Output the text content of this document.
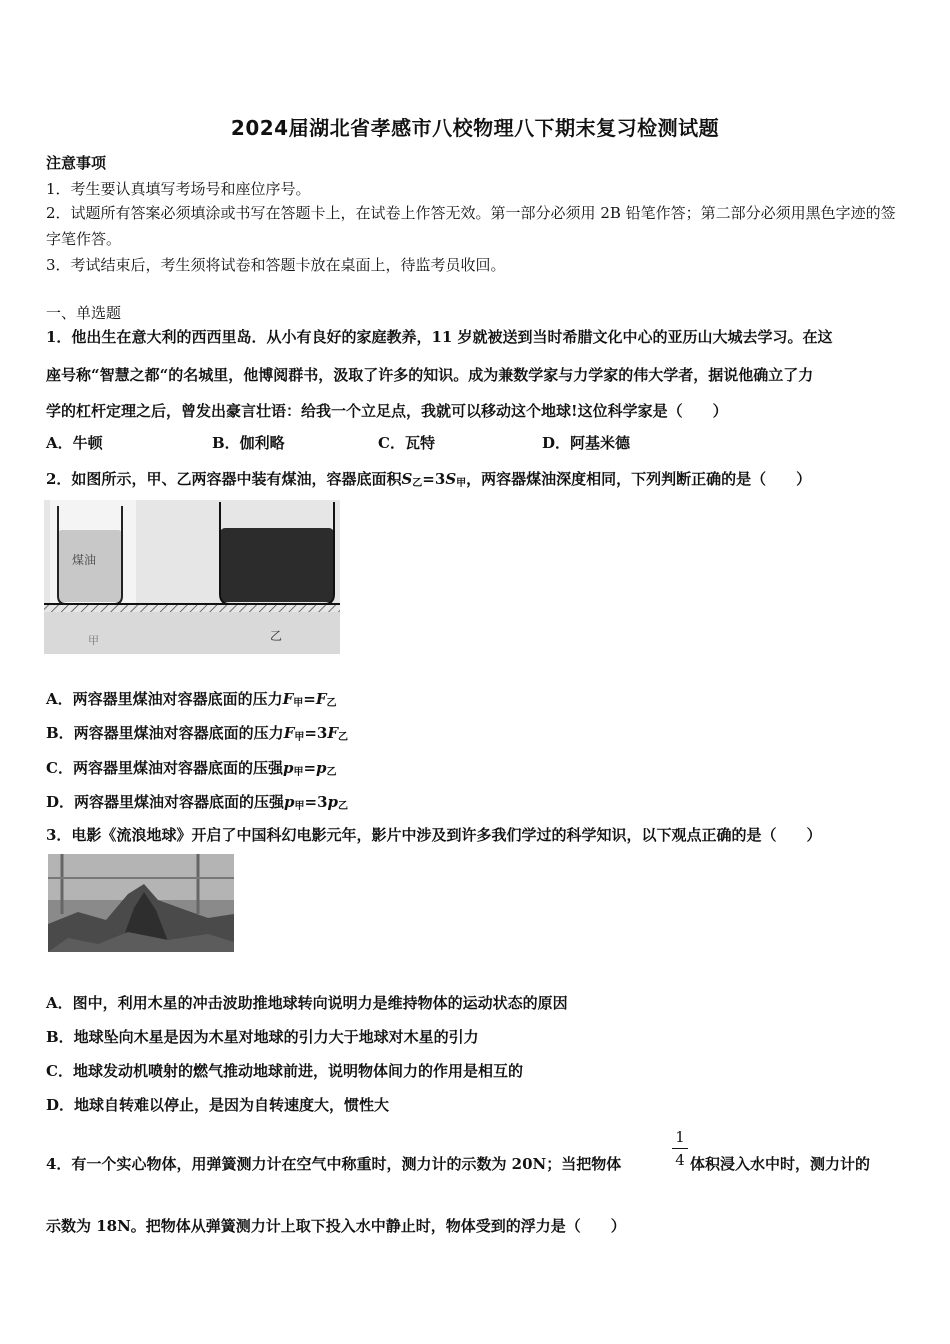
2024届湖北省孝感市八校物理八下期末复习检测试题
注意事项
1．考生要认真填写考场号和座位序号。
2．试题所有答案必须填涂或书写在答题卡上，在试卷上作答无效。第一部分必须用 2B 铅笔作答；第二部分必须用黑色字迹的签字笔作答。
3．考试结束后，考生须将试卷和答题卡放在桌面上，待监考员收回。
一、单选题
1．他出生在意大利的西西里岛．从小有良好的家庭教养，11 岁就被送到当时希腊文化中心的亚历山大城去学习。在这
座号称“智慧之都“的名城里，他博阅群书，汲取了许多的知识。成为兼数学家与力学家的伟大学者，据说他确立了力
学的杠杆定理之后，曾发出豪言壮语：给我一个立足点，我就可以移动这个地球!这位科学家是（　　）
A．牛顿	B．伽利略	C．瓦特	D．阿基米德
2．如图所示，甲、乙两容器中装有煤油，容器底面积$S_乙=3S_甲$，两容器煤油深度相同，下列判断正确的是（　　）
煤油
甲	乙
A．两容器里煤油对容器底面的压力$F_甲=F_乙$
B．两容器里煤油对容器底面的压力$F_甲=3F_乙$
C．两容器里煤油对容器底面的压强$p_甲=p_乙$
D．两容器里煤油对容器底面的压强$p_甲=3p_乙$
3．电影《流浪地球》开启了中国科幻电影元年，影片中涉及到许多我们学过的科学知识，以下观点正确的是（　　）
A．图中，利用木星的冲击波助推地球转向说明力是维持物体的运动状态的原因
B．地球坠向木星是因为木星对地球的引力大于地球对木星的引力
C．地球发动机喷射的燃气推动地球前进，说明物体间力的作用是相互的
D．地球自转难以停止，是因为自转速度大，惯性大
4．有一个实心物体，用弹簧测力计在空气中称重时，测力计的示数为 20N；当把物体
1
4 体积浸入水中时，测力计的
示数为 18N。把物体从弹簧测力计上取下投入水中静止时，物体受到的浮力是（　　）
